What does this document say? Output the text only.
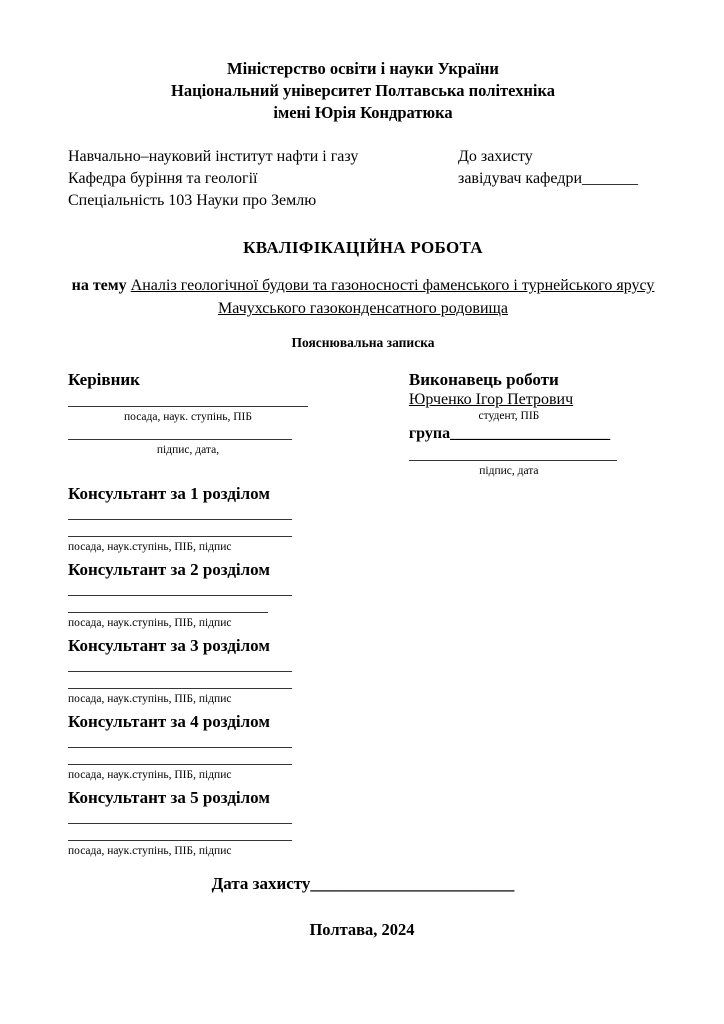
Міністерство освіти і науки України
Національний університет Полтавська політехніка
імені Юрія Кондратюка
Навчально–науковий інститут нафти і газу
Кафедра буріння та геології
Спеціальність 103 Науки про Землю
До захисту
завідувач кафедри_______
КВАЛІФІКАЦІЙНА РОБОТА

на тему Аналіз геологічної будови та газоносності фаменського і турнейського ярусу Мачухського газоконденсатного родовища

Пояснювальна записка
Керівник
______________________________
посада, наук. ступінь, ПІБ
____________________________
підпис, дата,
Виконавець роботи
Юрченко Ігор Петрович
студент, ПІБ
група____________________
__________________________
підпис, дата
Консультант за 1 розділом
____________________________
____________________________
посада, наук.ступінь, ПІБ, підпис
Консультант за 2 розділом
____________________________
_________________________
посада, наук.ступінь, ПІБ, підпис
Консультант за 3 розділом
____________________________
____________________________
посада, наук.ступінь, ПІБ, підпис
Консультант за 4 розділом
____________________________
____________________________
посада, наук.ступінь, ПІБ, підпис
Консультант за 5 розділом
____________________________
____________________________
посада, наук.ступінь, ПІБ, підпис
Дата захисту________________________
Полтава, 2024
